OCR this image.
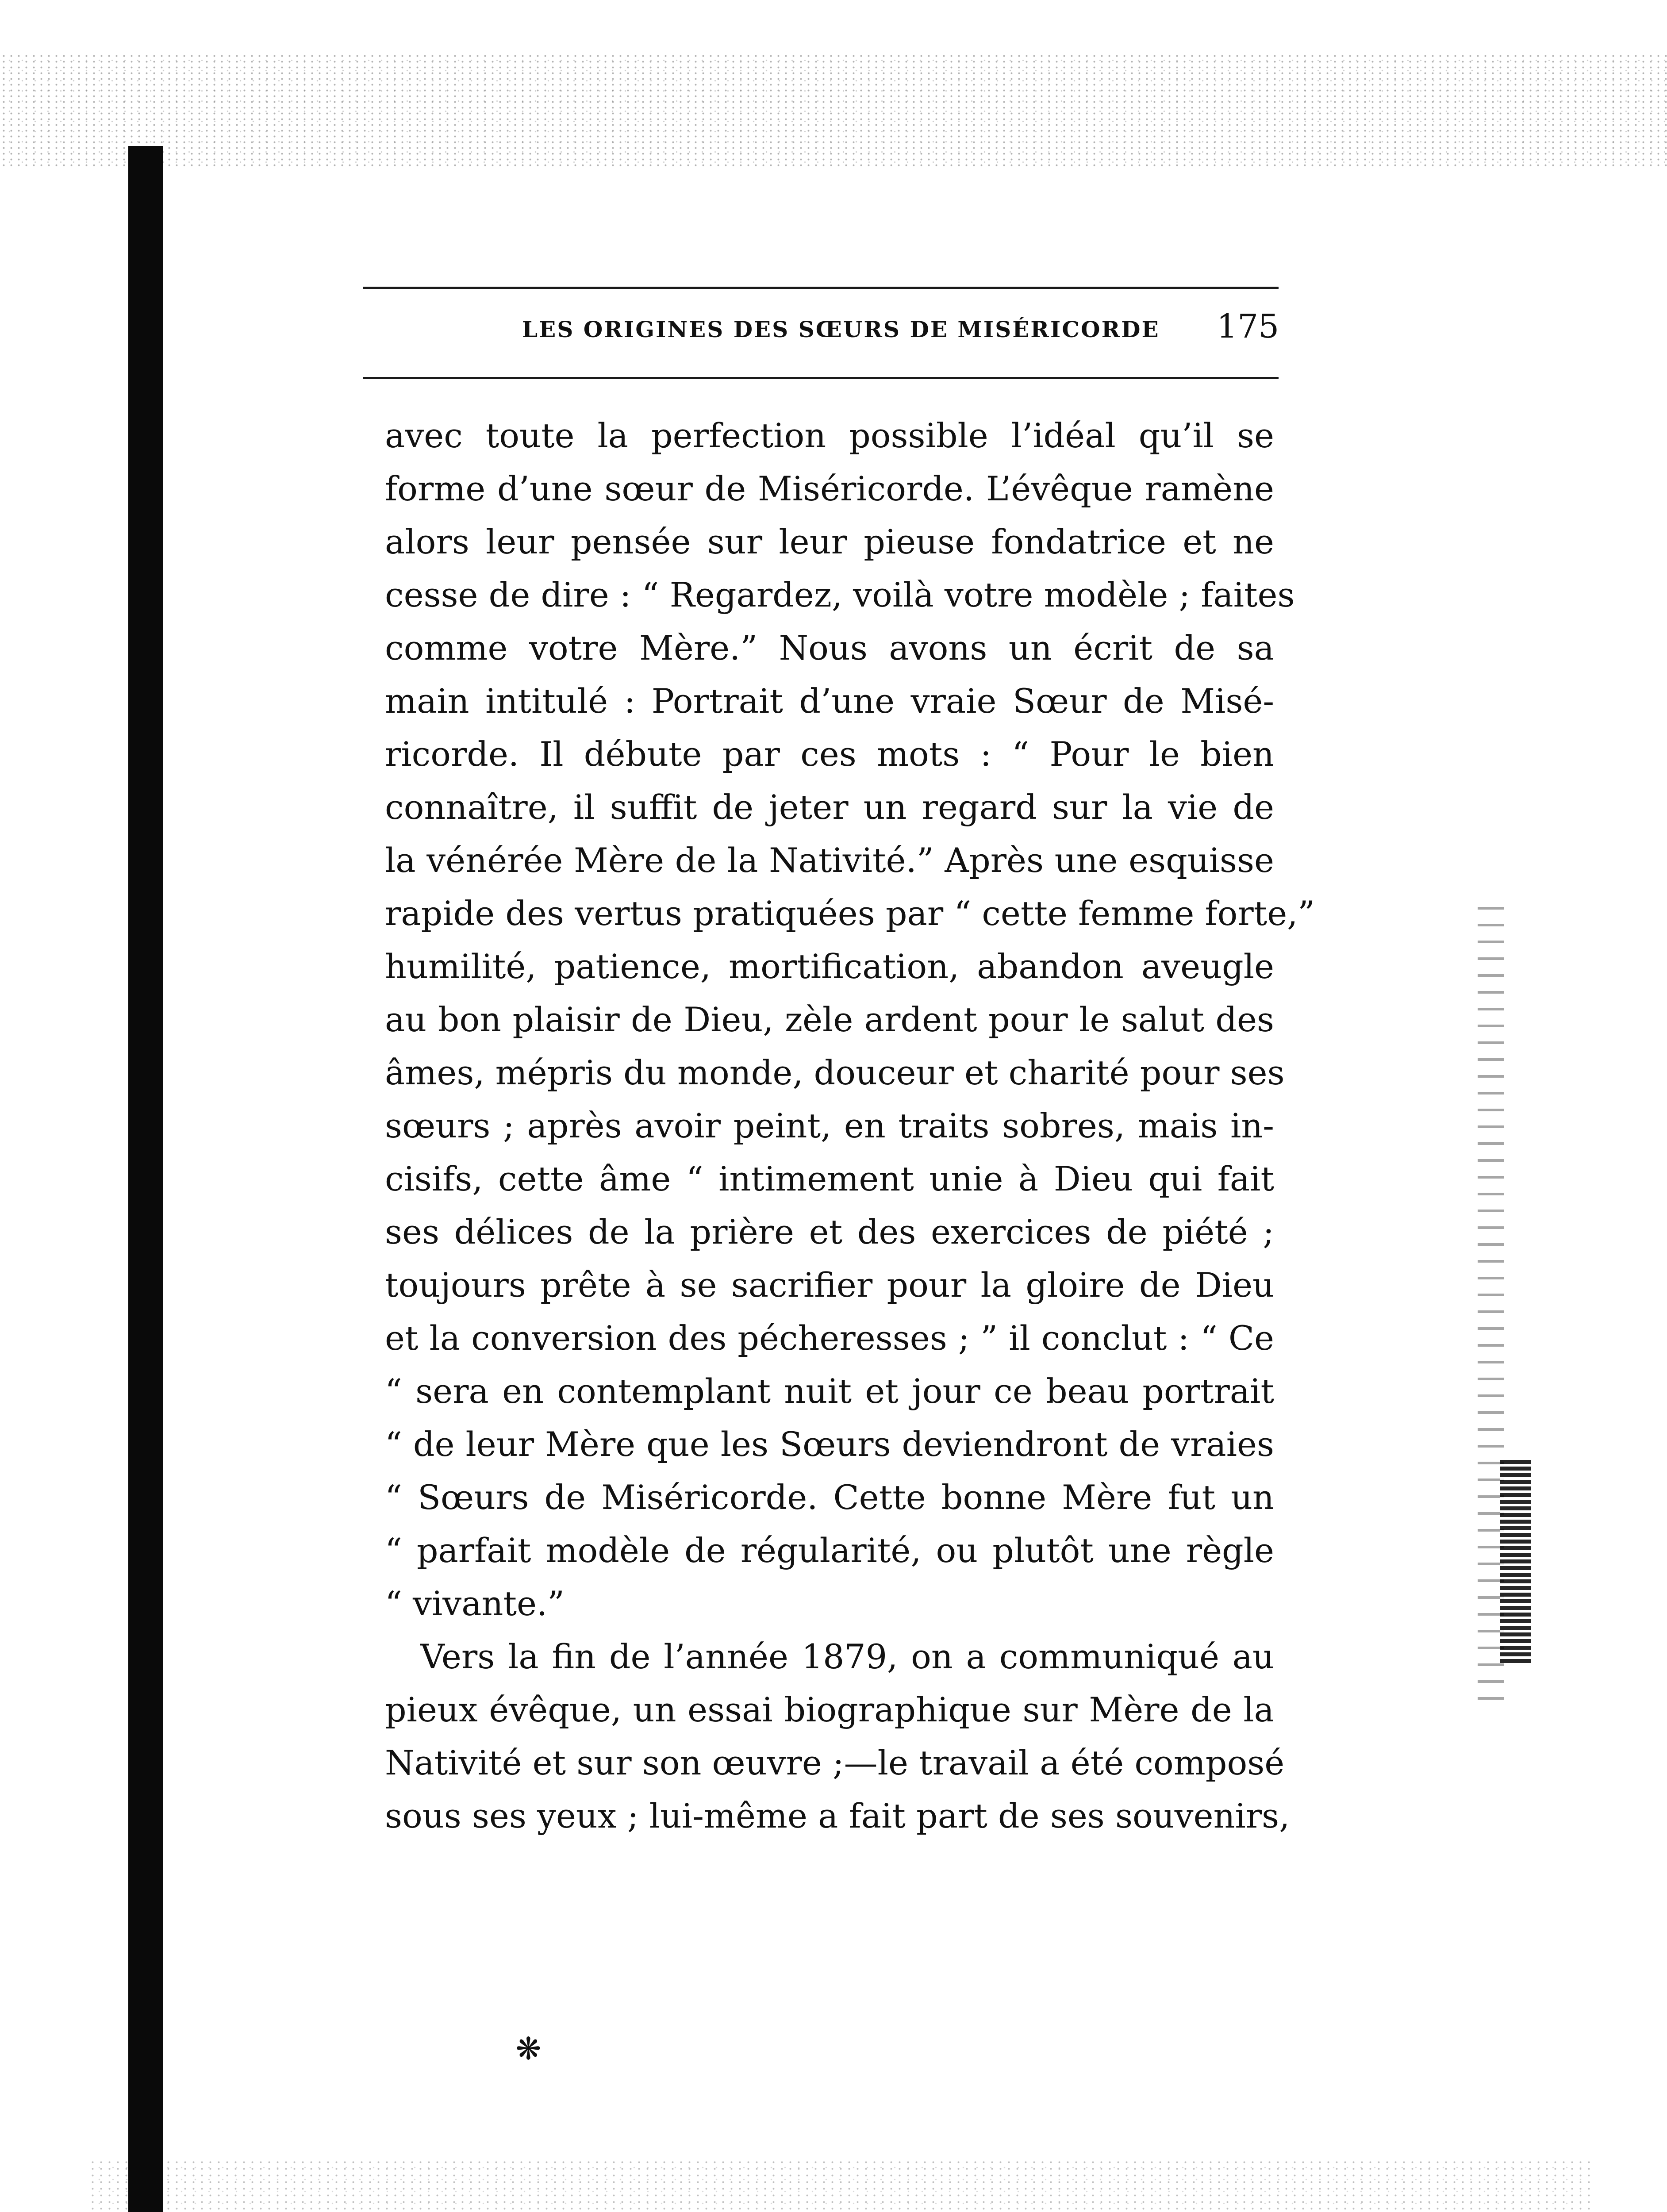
LES ORIGINES DES SŒURS DE MISÉRICORDE 175
avec toute la perfection possible l’idéal qu’il se
forme d’une sœur de Miséricorde. L’évêque ramène
alors leur pensée sur leur pieuse fondatrice et ne
cesse de dire : “ Regardez, voilà votre modèle ; faites
comme votre Mère.” Nous avons un écrit de sa
main intitulé : Portrait d’une vraie Sœur de Misé-
ricorde. Il débute par ces mots : “ Pour le bien
connaître, il suffit de jeter un regard sur la vie de
la vénérée Mère de la Nativité.” Après une esquisse
rapide des vertus pratiquées par “ cette femme forte,”
humilité, patience, mortification, abandon aveugle
au bon plaisir de Dieu, zèle ardent pour le salut des
âmes, mépris du monde, douceur et charité pour ses
sœurs ; après avoir peint, en traits sobres, mais in-
cisifs, cette âme “ intimement unie à Dieu qui fait
ses délices de la prière et des exercices de piété ;
toujours prête à se sacrifier pour la gloire de Dieu
et la conversion des pécheresses ; ” il conclut : “ Ce
“ sera en contemplant nuit et jour ce beau portrait
“ de leur Mère que les Sœurs deviendront de vraies
“ Sœurs de Miséricorde. Cette bonne Mère fut un
“ parfait modèle de régularité, ou plutôt une règle
“ vivante.”
Vers la fin de l’année 1879, on a communiqué au
pieux évêque, un essai biographique sur Mère de la
Nativité et sur son œuvre ;—le travail a été composé
sous ses yeux ; lui-même a fait part de ses souvenirs,
❋
